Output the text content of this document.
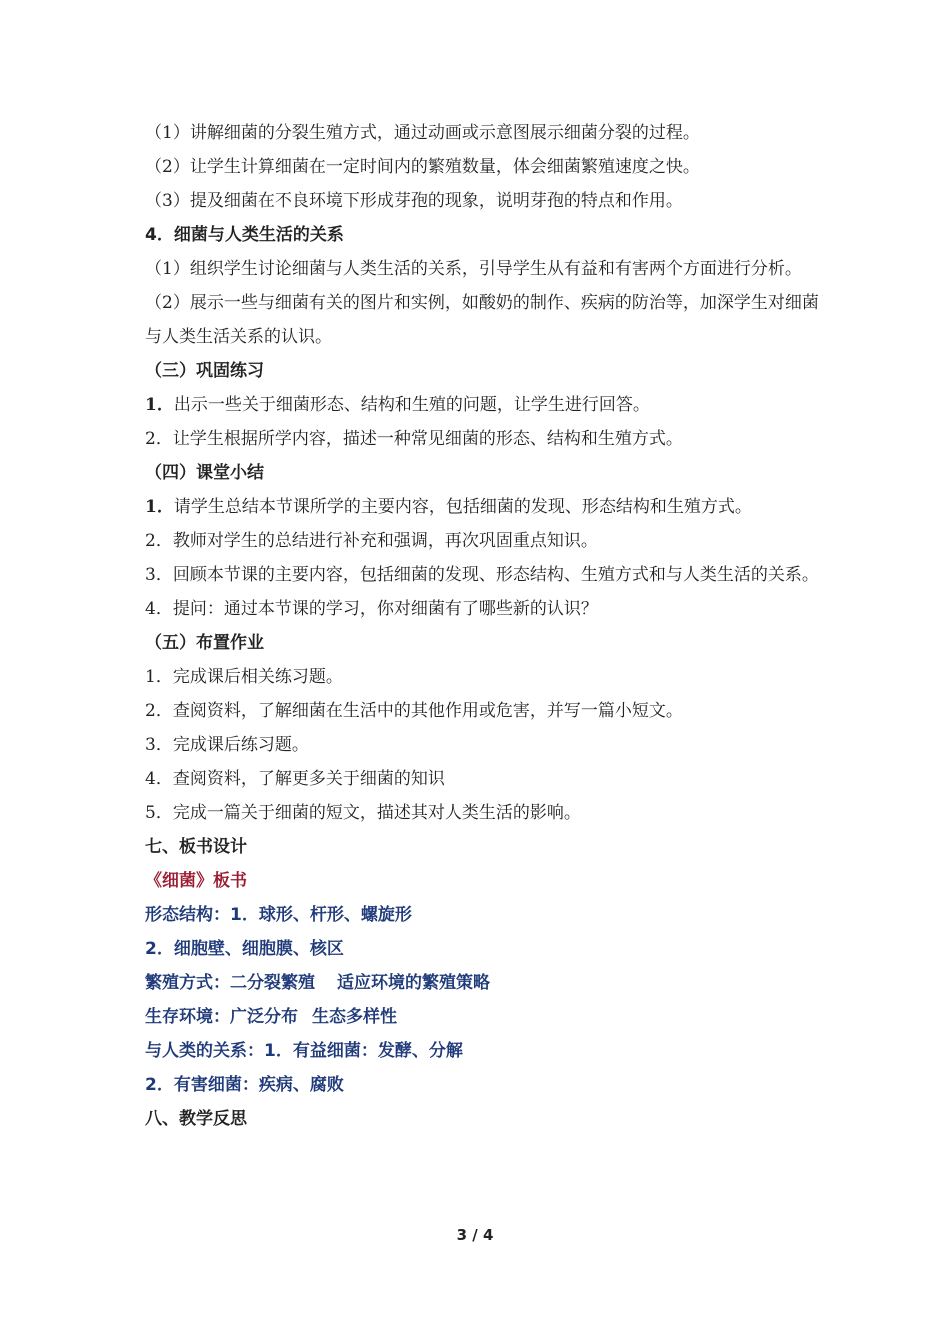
（1）讲解细菌的分裂生殖方式，通过动画或示意图展示细菌分裂的过程。

（2）让学生计算细菌在一定时间内的繁殖数量，体会细菌繁殖速度之快。

（3）提及细菌在不良环境下形成芽孢的现象，说明芽孢的特点和作用。

4．细菌与人类生活的关系

（1）组织学生讨论细菌与人类生活的关系，引导学生从有益和有害两个方面进行分析。

（2）展示一些与细菌有关的图片和实例，如酸奶的制作、疾病的防治等，加深学生对细菌与人类生活关系的认识。

（三）巩固练习

1．出示一些关于细菌形态、结构和生殖的问题，让学生进行回答。

2．让学生根据所学内容，描述一种常见细菌的形态、结构和生殖方式。

（四）课堂小结

1．请学生总结本节课所学的主要内容，包括细菌的发现、形态结构和生殖方式。

2．教师对学生的总结进行补充和强调，再次巩固重点知识。

3．回顾本节课的主要内容，包括细菌的发现、形态结构、生殖方式和与人类生活的关系。

4．提问：通过本节课的学习，你对细菌有了哪些新的认识？

（五）布置作业

1．完成课后相关练习题。

2．查阅资料，了解细菌在生活中的其他作用或危害，并写一篇小短文。

3．完成课后练习题。

4．查阅资料，了解更多关于细菌的知识

5．完成一篇关于细菌的短文，描述其对人类生活的影响。

七、板书设计

《细菌》板书

形态结构：1．球形、杆形、螺旋形

2．细胞壁、细胞膜、核区

繁殖方式：二分裂繁殖 适应环境的繁殖策略

生存环境：广泛分布 生态多样性

与人类的关系：1．有益细菌：发酵、分解

2．有害细菌：疾病、腐败

八、教学反思

3 / 4
